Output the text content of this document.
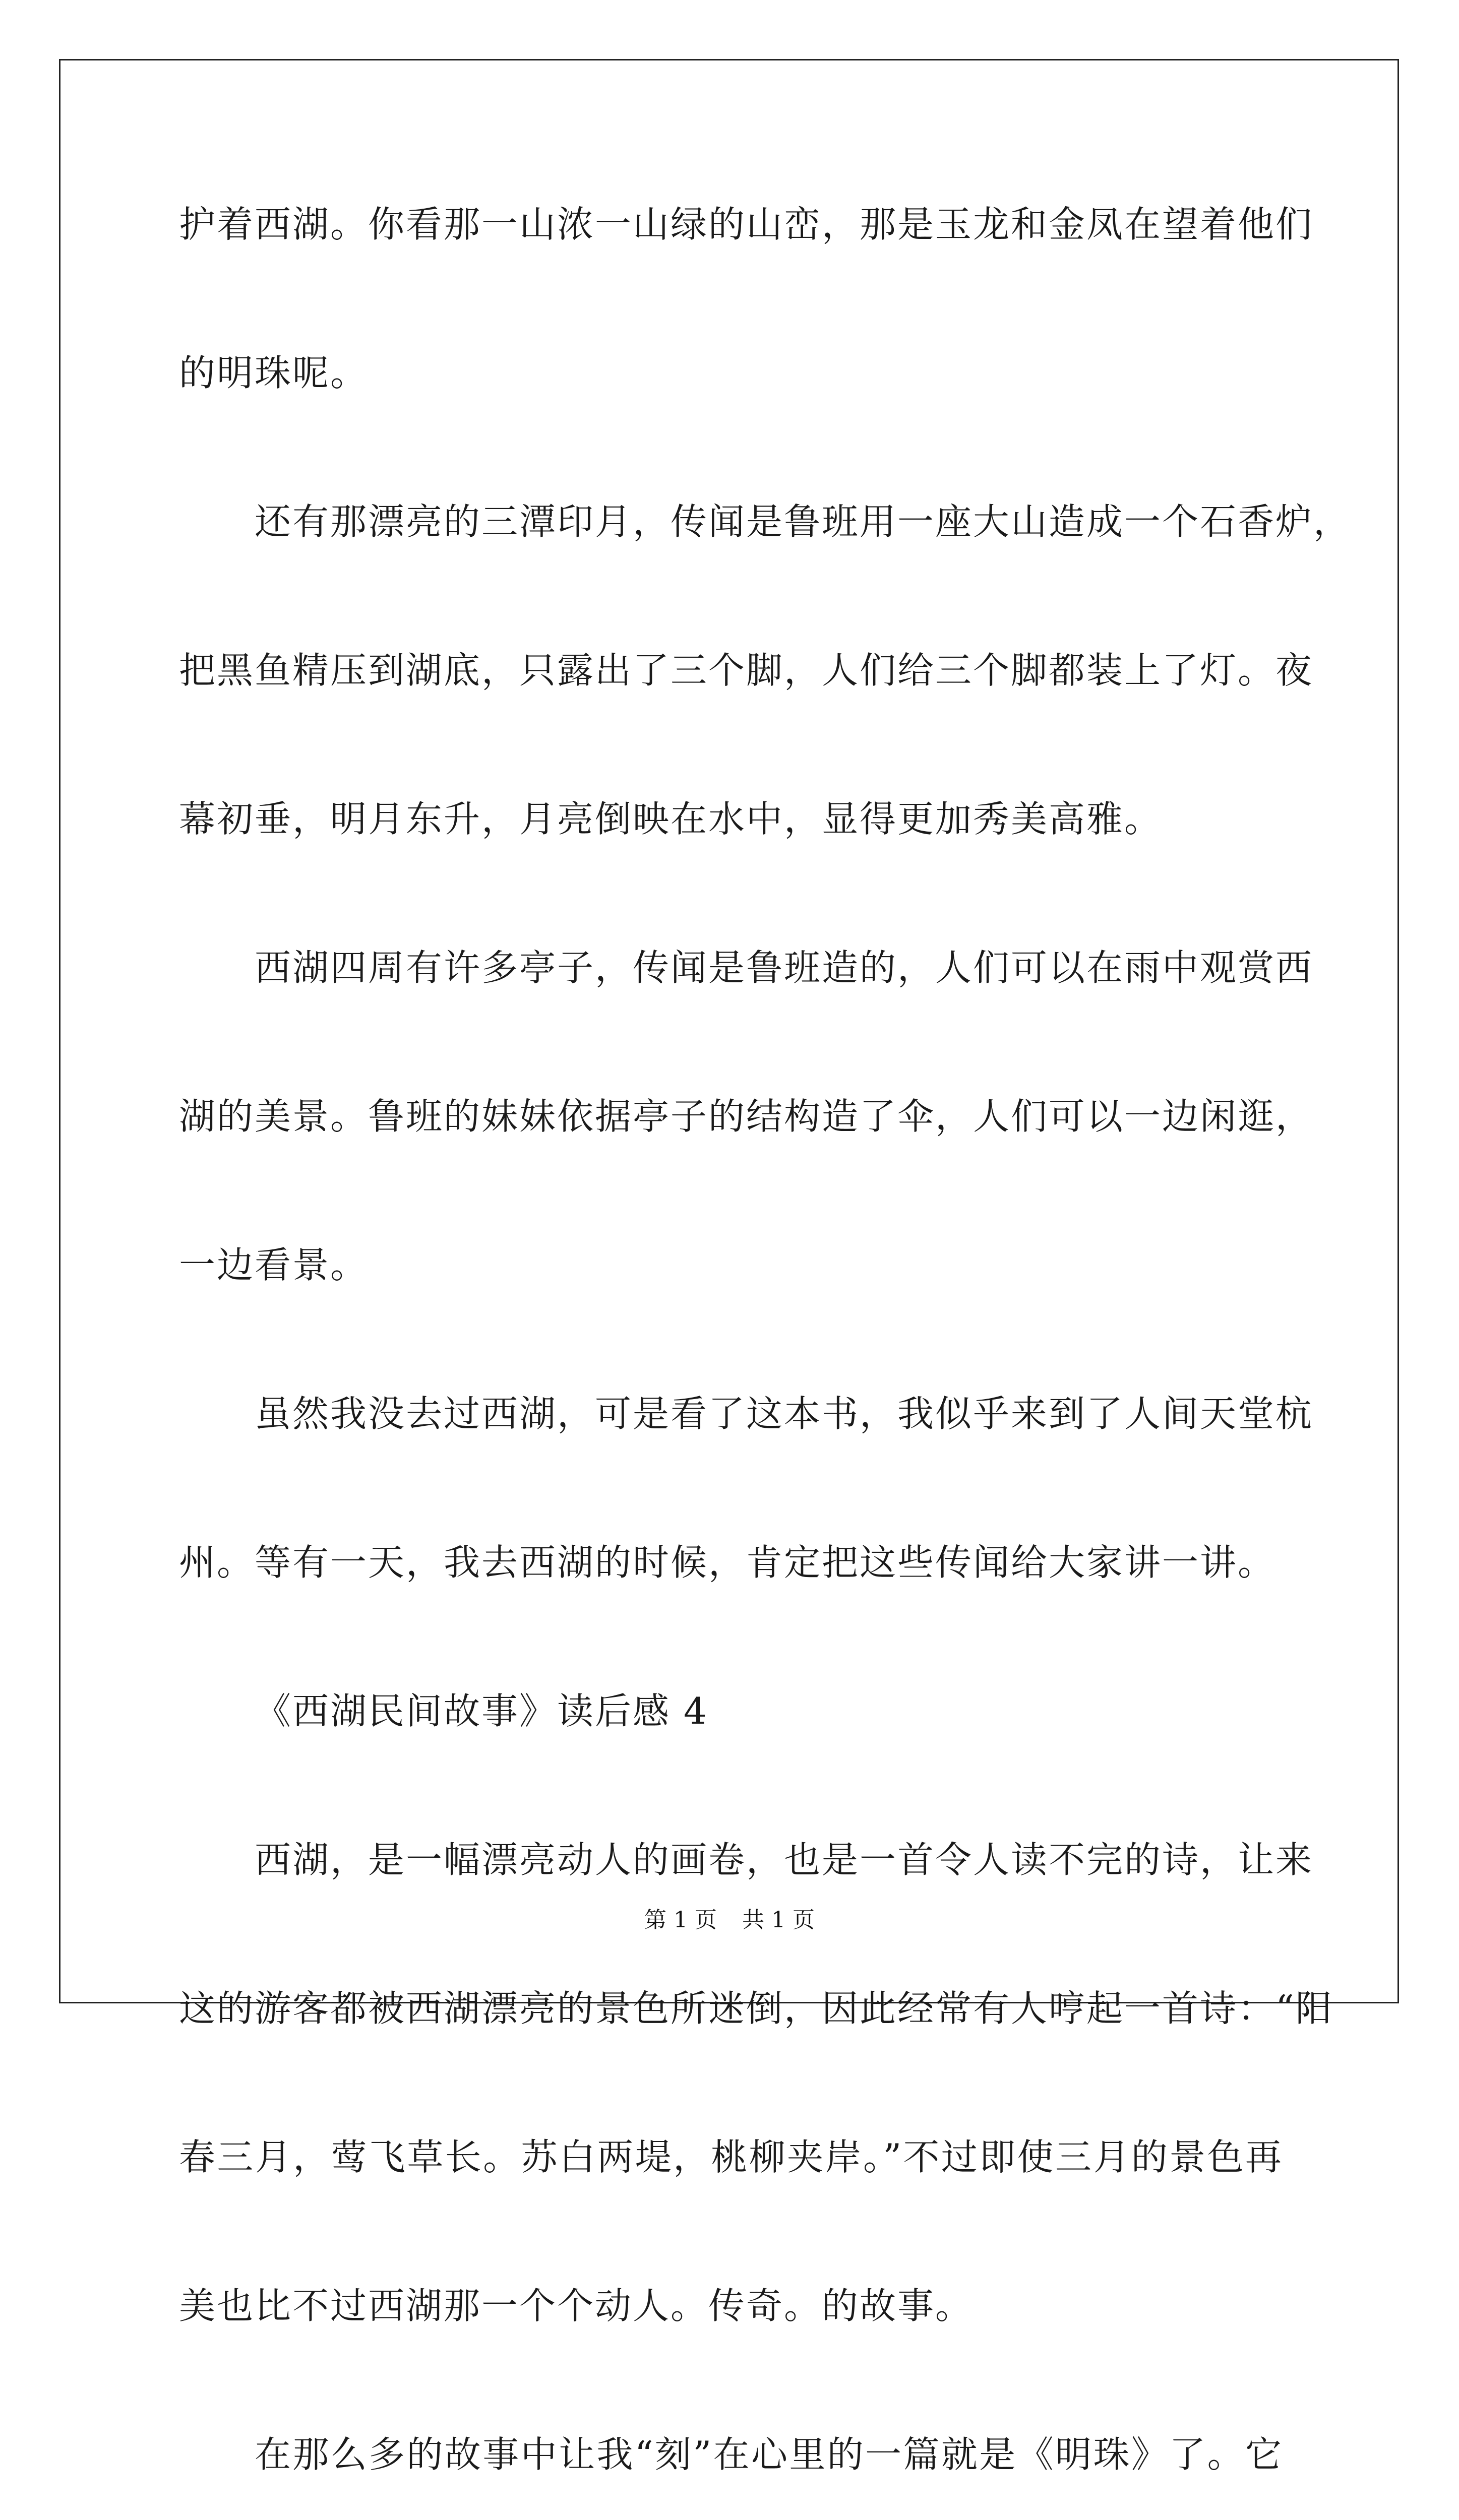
护着西湖。你看那一山浓一山绿的山峦，那是玉龙和金凤在望着他们
的明珠呢。
还有那漂亮的三潭印月，传闻是鲁班用一座大山造成一个石香炉，
把黑鱼精压到湖底，只露出了三个脚，人们给三个脚都装上了灯。夜
幕初垂，明月东升，月亮倒映在水中，显得更加秀美高雅。
西湖四周有许多亭子，传闻是鲁班造的，人们可以在雨中观赏西
湖的美景。鲁班的妹妹依据亭子的结构造了伞，人们可以一边闲逛，
一边看景。
虽然我没去过西湖，可是看了这本书，我似乎来到了人间天堂杭
州。等有一天，我去西湖的时候，肯定把这些传闻给大家讲一讲。
《西湖民间故事》读后感 4
西湖，是一幅漂亮动人的画卷，也是一首令人读不完的诗，让来
这的游客都被西湖漂亮的景色所迷倒，因此经常有人哼起一首诗：“阳
春三月，莺飞草长。苏白两堤，桃柳夹岸。”不过即使三月的景色再
美也比不过西湖那一个个动人。传奇。的故事。
在那么多的故事中让我“刻”在心里的一篇就是《明珠》了。它
第 1 页 共 1 页
